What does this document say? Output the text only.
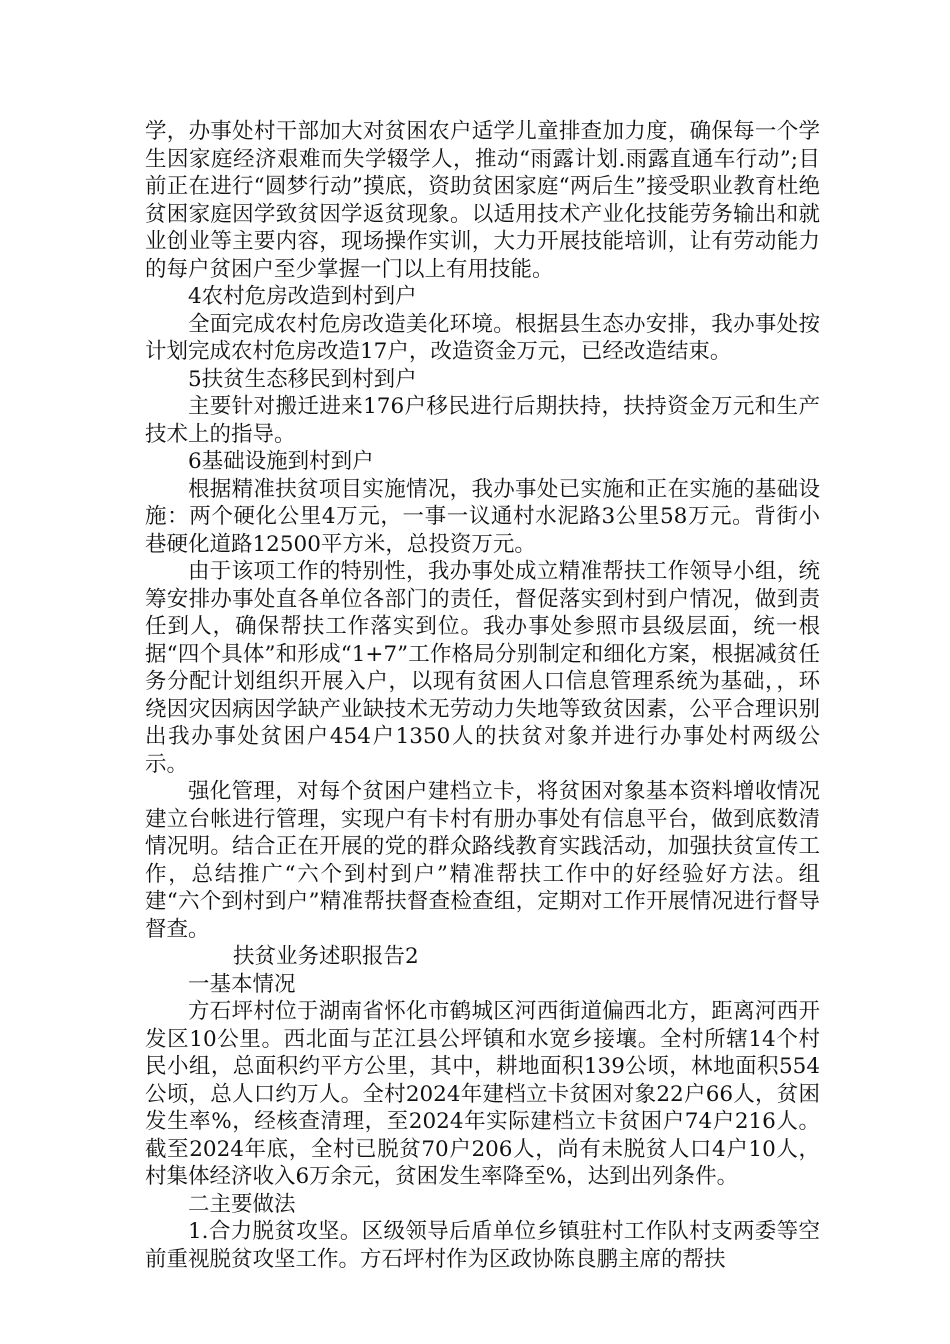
学，办事处村干部加大对贫困农户适学儿童排查加力度，确保每一个学生因家庭经济艰难而失学辍学人，推动“雨露计划.雨露直通车行动”;目前正在进行“圆梦行动”摸底，资助贫困家庭“两后生”接受职业教育杜绝贫困家庭因学致贫因学返贫现象。以适用技术产业化技能劳务输出和就业创业等主要内容，现场操作实训，大力开展技能培训，让有劳动能力的每户贫困户至少掌握一门以上有用技能。

4农村危房改造到村到户

全面完成农村危房改造美化环境。根据县生态办安排，我办事处按计划完成农村危房改造17户，改造资金万元，已经改造结束。

5扶贫生态移民到村到户

主要针对搬迁进来176户移民进行后期扶持，扶持资金万元和生产技术上的指导。

6基础设施到村到户

根据精准扶贫项目实施情况，我办事处已实施和正在实施的基础设施：两个硬化公里4万元，一事一议通村水泥路3公里58万元。背街小巷硬化道路12500平方米，总投资万元。

由于该项工作的特别性，我办事处成立精准帮扶工作领导小组，统筹安排办事处直各单位各部门的责任，督促落实到村到户情况，做到责任到人，确保帮扶工作落实到位。我办事处参照市县级层面，统一根据“四个具体”和形成“1+7”工作格局分别制定和细化方案，根据减贫任务分配计划组织开展入户，以现有贫困人口信息管理系统为基础，，环绕因灾因病因学缺产业缺技术无劳动力失地等致贫因素，公平合理识别出我办事处贫困户454户1350人的扶贫对象并进行办事处村两级公示。

强化管理，对每个贫困户建档立卡，将贫困对象基本资料增收情况建立台帐进行管理，实现户有卡村有册办事处有信息平台，做到底数清情况明。结合正在开展的党的群众路线教育实践活动，加强扶贫宣传工作，总结推广“六个到村到户”精准帮扶工作中的好经验好方法。组建“六个到村到户”精准帮扶督查检查组，定期对工作开展情况进行督导督查。

扶贫业务述职报告2

一基本情况

方石坪村位于湖南省怀化市鹤城区河西街道偏西北方，距离河西开发区10公里。西北面与芷江县公坪镇和水宽乡接壤。全村所辖14个村民小组，总面积约平方公里，其中，耕地面积139公顷，林地面积554公顷，总人口约万人。全村2024年建档立卡贫困对象22户66人，贫困发生率%，经核查清理，至2024年实际建档立卡贫困户74户216人。截至2024年底，全村已脱贫70户206人，尚有未脱贫人口4户10人，村集体经济收入6万余元，贫困发生率降至%，达到出列条件。

二主要做法

1.合力脱贫攻坚。区级领导后盾单位乡镇驻村工作队村支两委等空前重视脱贫攻坚工作。方石坪村作为区政协陈良鹏主席的帮扶
